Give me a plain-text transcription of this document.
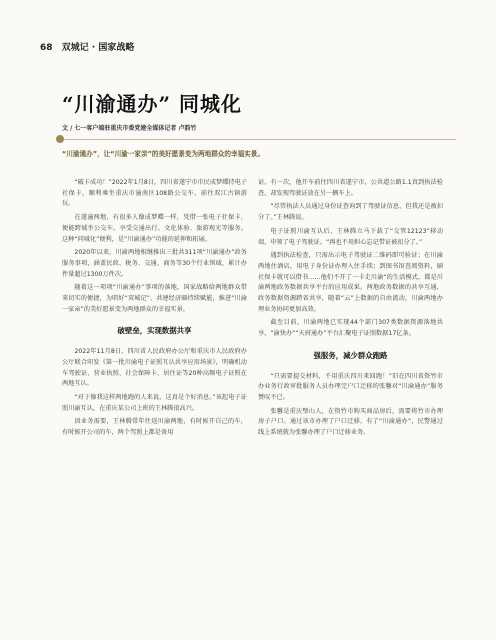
68 双城记 · 国家战略
“川渝通办” 同城化
文 / 七一客户端驻重庆市委党建全媒体记者 卢韵竹
“川渝通办”，让“川渝一家亲”的美好愿景变为两地群众的幸福实景。

“破卡成功！”2022年1月8日，四川省遂宁市市民成梦蝶持电子社保卡，顺利乘坐重庆市潼南区108路公交车，前往双江古镇游玩。

在遂潼两地，有很多人像成梦蝶一样，凭借一张电子社保卡，便能跨域坐公交车，享受交通出行、文化体验、旅游观光等服务。这种“同城化”便利，是“川渝通办”功能的延伸和拓展。

2020年以来，川渝两地相继推出三批共311项“川渝通办”政务服务事项，涵盖民政、税务、交通、商务等30个行业领域，累计办件量超过1300万件次。

随着这一项项“川渝通办”事项的落地，国家战略给两地群众带来切实的便捷，为唱好“双城记”、共建经济圈持续赋能，推进“川渝一家亲”的美好愿景变为两地群众的幸福实景。

破壁垒，实现数据共享

2022年11月8日，四川省人民政府办公厅和重庆市人民政府办公厅联合印发《第一批川渝电子证照互认共享应用场景》，明确机动车驾驶证、营业执照、社会保障卡、居住证等20种高频电子证照在两地互认。

“对于像我这样两地跑的人来说，这真是个好消息。”该起电子证照川渝互认，在重庆某公司上班的王林腾很高兴。

因业务需要，王林腾常年往返川渝两地，有时候开自己的车，有时候开公司的车，两个驾照上都是备用

证。有一次，他开车前往四川省遂宁市，公共道公路1.1真到执法检查，却发现驾驶证放在另一辆车上。

“尽管执法人员通过身份证查询到了驾驶证信息，但我还是被扣分了。”王林腾说。

电子证照川渝互认后，王林腾立马下载了“交管12123”移动端，申领了电子驾驶证。“再也不用担心忘记带证被扣分了。”

遇到执法检查，只需出示电子驾驶证二维码即可验证；在川渝两地住酒店，用电子身份证办理入住手续；到图书馆查阅资料，刷社保卡就可以借书……他们不开了一卡走川渝“的生活模式，都是川渝两地政务数据共享平台的应用成果。两地政务数据的共享互通，政务数据资源跨省共享，随着“云”上数据的自由流动，川渝两地办理业务协同更加高效。

截至目前，川渝两地已实现44个部门307类数据资源落地共享，“渝快办”“天府通办”平台汇聚电子证照数据17亿条。

强服务，减少群众跑路

“只需要提交材料，不用重庆四川来回跑！”旧在四川省资竹市办业务行政审批服务人员办理完户口迁移的张馨对“川渝通办”服务赞叹不已。

张馨是重庆璧山人，在资竹市购买商品房后，需要将竹市办理房子户口。通过该市办理了户口迁移，有了“川渝通办”，民警通过线上系统就为张馨办理了户口迁移业务。
